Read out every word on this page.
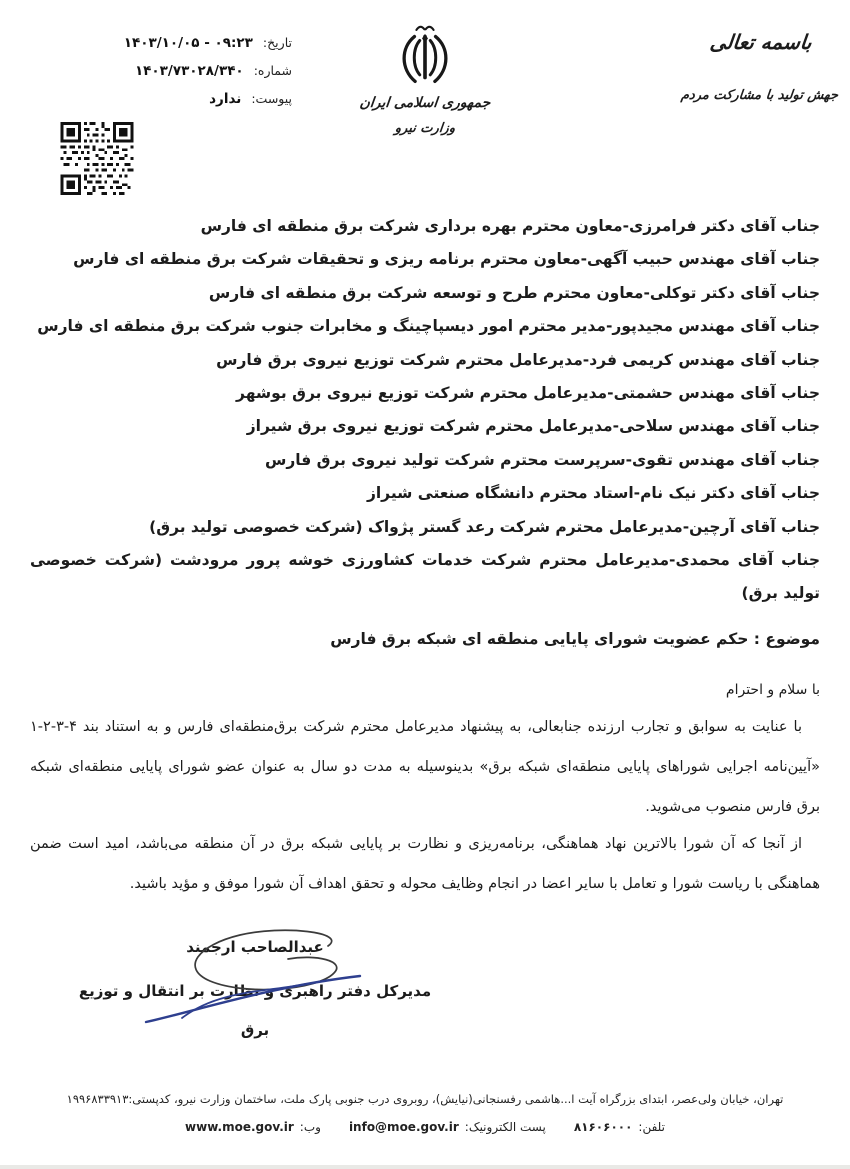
باسمه تعالی
جهش تولید با مشارکت مردم
جمهوری اسلامی ایران
وزارت نیرو
تاریخ:
۱۴۰۳/۱۰/۰۵ - ۰۹:۲۳
شماره:
۱۴۰۳/۷۳۰۲۸/۳۴۰
پیوست:
ندارد
جناب آقای دکتر فرامرزی-معاون محترم بهره برداری شرکت برق منطقه ای فارس
جناب آقای مهندس حبیب آگهی-معاون محترم برنامه ریزی و تحقیقات شرکت برق منطقه ای فارس
جناب آقای دکتر توکلی-معاون محترم طرح و توسعه شرکت برق منطقه ای فارس
جناب آقای مهندس مجیدپور-مدیر محترم امور دیسپاچینگ و مخابرات جنوب شرکت برق منطقه ای فارس
جناب آقای مهندس کریمی فرد-مدیرعامل محترم شرکت توزیع نیروی برق فارس
جناب آقای مهندس حشمتی-مدیرعامل محترم شرکت توزیع نیروی برق بوشهر
جناب آقای مهندس سلاحی-مدیرعامل محترم شرکت توزیع نیروی برق شیراز
جناب آقای مهندس تقوی-سرپرست محترم شرکت تولید نیروی برق فارس
جناب آقای دکتر نیک نام-استاد محترم دانشگاه صنعتی شیراز
جناب آقای آرچین-مدیرعامل محترم شرکت رعد گستر پژواک (شرکت خصوصی تولید برق)
جناب آقای محمدی-مدیرعامل محترم شرکت خدمات کشاورزی خوشه پرور مرودشت (شرکت خصوصی تولید برق)
موضوع : حکم عضویت شورای پایایی منطقه ای شبکه برق فارس
با سلام و احترام
با عنایت به سوابق و تجارب ارزنده جنابعالی، به پیشنهاد مدیرعامل محترم شرکت برق‌منطقه‌ای فارس و به استناد بند ۴-۳-۲-۱ «آیین‌نامه اجرایی شوراهای پایایی منطقه‌ای شبکه برق» بدینوسیله به مدت دو سال به عنوان عضو شورای پایایی منطقه‌ای شبکه برق فارس منصوب می‌شوید.
از آنجا که آن شورا بالاترین نهاد هماهنگی، برنامه‌ریزی و نظارت بر پایایی شبکه برق در آن منطقه می‌باشد، امید است ضمن هماهنگی با ریاست شورا و تعامل با سایر اعضا در انجام وظایف محوله و تحقق اهداف آن شورا موفق و مؤید باشید.
عبدالصاحب ارجمند
مدیرکل دفتر راهبری و نظارت بر انتقال و توزیع
برق
تهران، خیابان ولی‌عصر، ابتدای بزرگراه آیت ا...هاشمی رفسنجانی(نیایش)، روبروی درب جنوبی پارک ملت، ساختمان وزارت نیرو، کدپستی:۱۹۹۶۸۳۳۹۱۳
تلفن:
۸۱۶۰۶۰۰۰
پست الکترونیک:
info@moe.gov.ir
وب:
www.moe.gov.ir
